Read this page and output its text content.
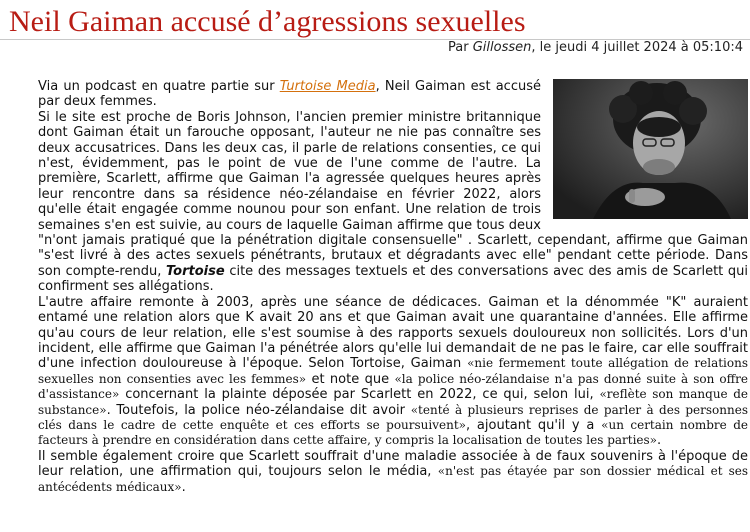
Neil Gaiman accusé d’agressions sexuelles
Par Gillossen, le jeudi 4 juillet 2024 à 05:10:4

Via un podcast en quatre partie sur Turtoise Media, Neil Gaiman est accusé par deux femmes.

Si le site est proche de Boris Johnson, l'ancien premier ministre britannique dont Gaiman était un farouche opposant, l'auteur ne nie pas connaître ses deux accusatrices. Dans les deux cas, il parle de relations consenties, ce qui n'est, évidemment, pas le point de vue de l'une comme de l'autre. La première, Scarlett, affirme que Gaiman l'a agressée quelques heures après leur rencontre dans sa résidence néo-zélandaise en février 2022, alors qu'elle était engagée comme nounou pour son enfant. Une relation de trois semaines s'en est suivie, au cours de laquelle Gaiman affirme que tous deux "n'ont jamais pratiqué que la pénétration digitale consensuelle" . Scarlett, cependant, affirme que Gaiman "s'est livré à des actes sexuels pénétrants, brutaux et dégradants avec elle" pendant cette période. Dans son compte-rendu, Tortoise cite des messages textuels et des conversations avec des amis de Scarlett qui confirment ses allégations.

L'autre affaire remonte à 2003, après une séance de dédicaces. Gaiman et la dénommée "K" auraient entamé une relation alors que K avait 20 ans et que Gaiman avait une quarantaine d'années. Elle affirme qu'au cours de leur relation, elle s'est soumise à des rapports sexuels douloureux non sollicités. Lors d'un incident, elle affirme que Gaiman l'a pénétrée alors qu'elle lui demandait de ne pas le faire, car elle souffrait d'une infection douloureuse à l'époque. Selon Tortoise, Gaiman «nie fermement toute allégation de relations sexuelles non consenties avec les femmes» et note que «la police néo-zélandaise n'a pas donné suite à son offre d'assistance» concernant la plainte déposée par Scarlett en 2022, ce qui, selon lui, «reflète son manque de substance». Toutefois, la police néo-zélandaise dit avoir «tenté à plusieurs reprises de parler à des personnes clés dans le cadre de cette enquête et ces efforts se poursuivent», ajoutant qu'il y a «un certain nombre de facteurs à prendre en considération dans cette affaire, y compris la localisation de toutes les parties».

Il semble également croire que Scarlett souffrait d'une maladie associée à de faux souvenirs à l'époque de leur relation, une affirmation qui, toujours selon le média, «n'est pas étayée par son dossier médical et ses antécédents médicaux».
